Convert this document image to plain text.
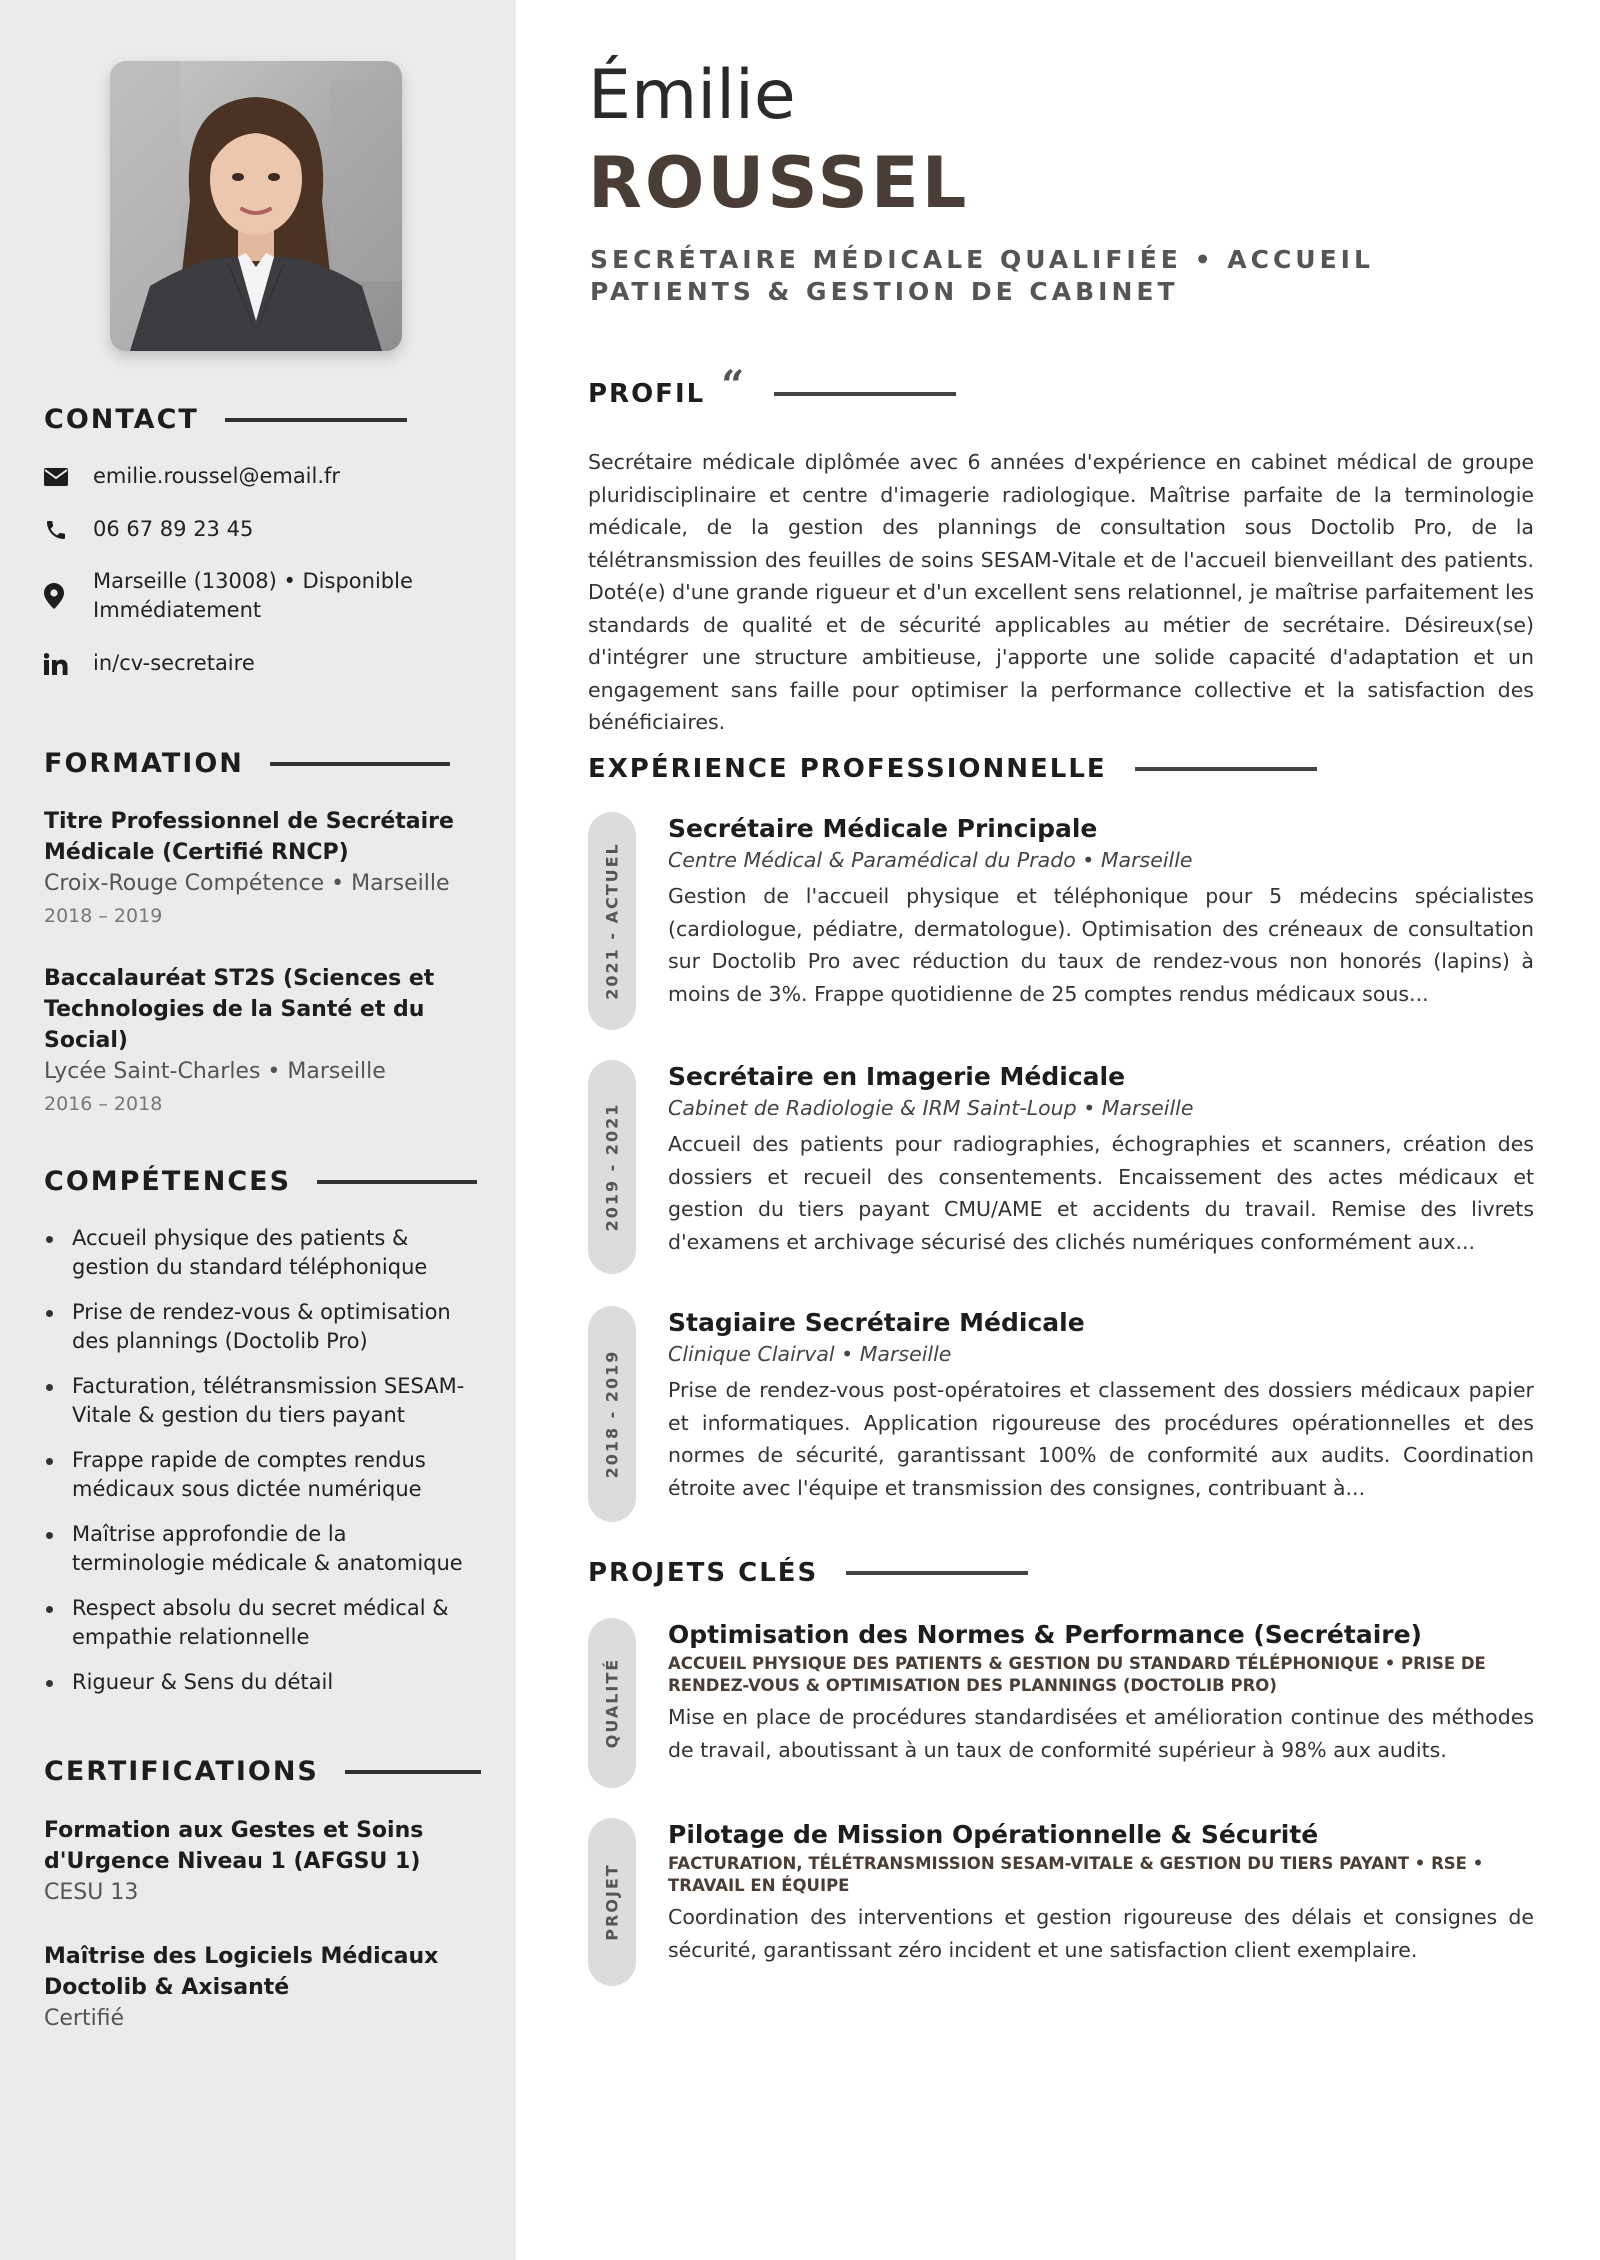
CONTACT
emilie.roussel@email.fr
06 67 89 23 45
Marseille (13008) • Disponible Immédiatement
in/cv-secretaire
FORMATION
Titre Professionnel de Secrétaire Médicale (Certifié RNCP)
Croix-Rouge Compétence • Marseille
2018 – 2019
Baccalauréat ST2S (Sciences et Technologies de la Santé et du Social)
Lycée Saint-Charles • Marseille
2016 – 2018
COMPÉTENCES
Accueil physique des patients & gestion du standard téléphonique
Prise de rendez-vous & optimisation des plannings (Doctolib Pro)
Facturation, télétransmission SESAM-Vitale & gestion du tiers payant
Frappe rapide de comptes rendus médicaux sous dictée numérique
Maîtrise approfondie de la terminologie médicale & anatomique
Respect absolu du secret médical & empathie relationnelle
Rigueur & Sens du détail
CERTIFICATIONS
Formation aux Gestes et Soins d'Urgence Niveau 1 (AFGSU 1)
CESU 13
Maîtrise des Logiciels Médicaux Doctolib & Axisanté
Certifié
Émilie
ROUSSEL
SECRÉTAIRE MÉDICALE QUALIFIÉE • ACCUEIL PATIENTS & GESTION DE CABINET
PROFIL “
Secrétaire médicale diplômée avec 6 années d'expérience en cabinet médical de groupe pluridisciplinaire et centre d'imagerie radiologique. Maîtrise parfaite de la terminologie médicale, de la gestion des plannings de consultation sous Doctolib Pro, de la télétransmission des feuilles de soins SESAM-Vitale et de l'accueil bienveillant des patients. Doté(e) d'une grande rigueur et d'un excellent sens relationnel, je maîtrise parfaitement les standards de qualité et de sécurité applicables au métier de secrétaire. Désireux(se) d'intégrer une structure ambitieuse, j'apporte une solide capacité d'adaptation et un engagement sans faille pour optimiser la performance collective et la satisfaction des bénéficiaires.
EXPÉRIENCE PROFESSIONNELLE
2021 - ACTUEL
Secrétaire Médicale Principale
Centre Médical & Paramédical du Prado • Marseille
Gestion de l'accueil physique et téléphonique pour 5 médecins spécialistes (cardiologue, pédiatre, dermatologue). Optimisation des créneaux de consultation sur Doctolib Pro avec réduction du taux de rendez-vous non honorés (lapins) à moins de 3%. Frappe quotidienne de 25 comptes rendus médicaux sous...
2019 - 2021
Secrétaire en Imagerie Médicale
Cabinet de Radiologie & IRM Saint-Loup • Marseille
Accueil des patients pour radiographies, échographies et scanners, création des dossiers et recueil des consentements. Encaissement des actes médicaux et gestion du tiers payant CMU/AME et accidents du travail. Remise des livrets d'examens et archivage sécurisé des clichés numériques conformément aux...
2018 - 2019
Stagiaire Secrétaire Médicale
Clinique Clairval • Marseille
Prise de rendez-vous post-opératoires et classement des dossiers médicaux papier et informatiques. Application rigoureuse des procédures opérationnelles et des normes de sécurité, garantissant 100% de conformité aux audits. Coordination étroite avec l'équipe et transmission des consignes, contribuant à...
PROJETS CLÉS
QUALITÉ
Optimisation des Normes & Performance (Secrétaire)
ACCUEIL PHYSIQUE DES PATIENTS & GESTION DU STANDARD TÉLÉPHONIQUE • PRISE DE RENDEZ-VOUS & OPTIMISATION DES PLANNINGS (DOCTOLIB PRO)
Mise en place de procédures standardisées et amélioration continue des méthodes de travail, aboutissant à un taux de conformité supérieur à 98% aux audits.
PROJET
Pilotage de Mission Opérationnelle & Sécurité
FACTURATION, TÉLÉTRANSMISSION SESAM-VITALE & GESTION DU TIERS PAYANT • RSE • TRAVAIL EN ÉQUIPE
Coordination des interventions et gestion rigoureuse des délais et consignes de sécurité, garantissant zéro incident et une satisfaction client exemplaire.
